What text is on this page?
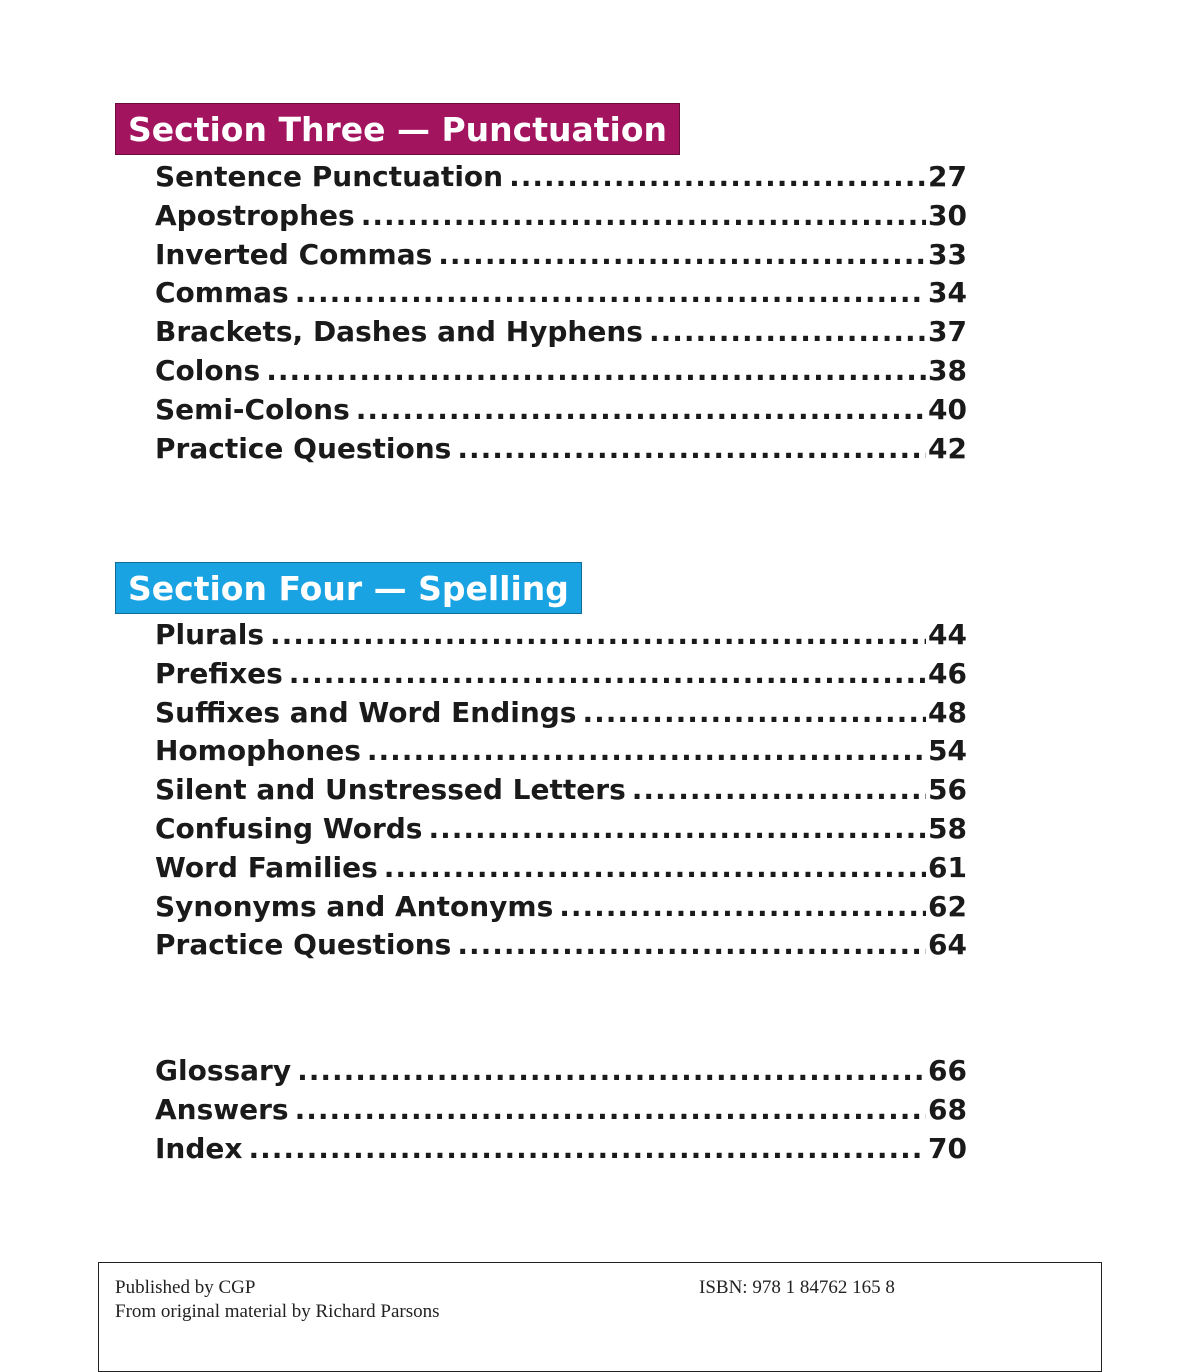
Section Three — Punctuation
Sentence Punctuation .....	27
Apostrophes .....	30
Inverted Commas .....	33
Commas .....	34
Brackets, Dashes and Hyphens .....	37
Colons .....	38
Semi-Colons .....	40
Practice Questions .....	42
Section Four — Spelling
Plurals .....	44
Prefixes .....	46
Suffixes and Word Endings .....	48
Homophones .....	54
Silent and Unstressed Letters .....	56
Confusing Words .....	58
Word Families .....	61
Synonyms and Antonyms .....	62
Practice Questions .....	64
Glossary .....	66
Answers .....	68
Index .....	70
Published by CGP
From original material by Richard Parsons
ISBN: 978 1 84762 165 8
